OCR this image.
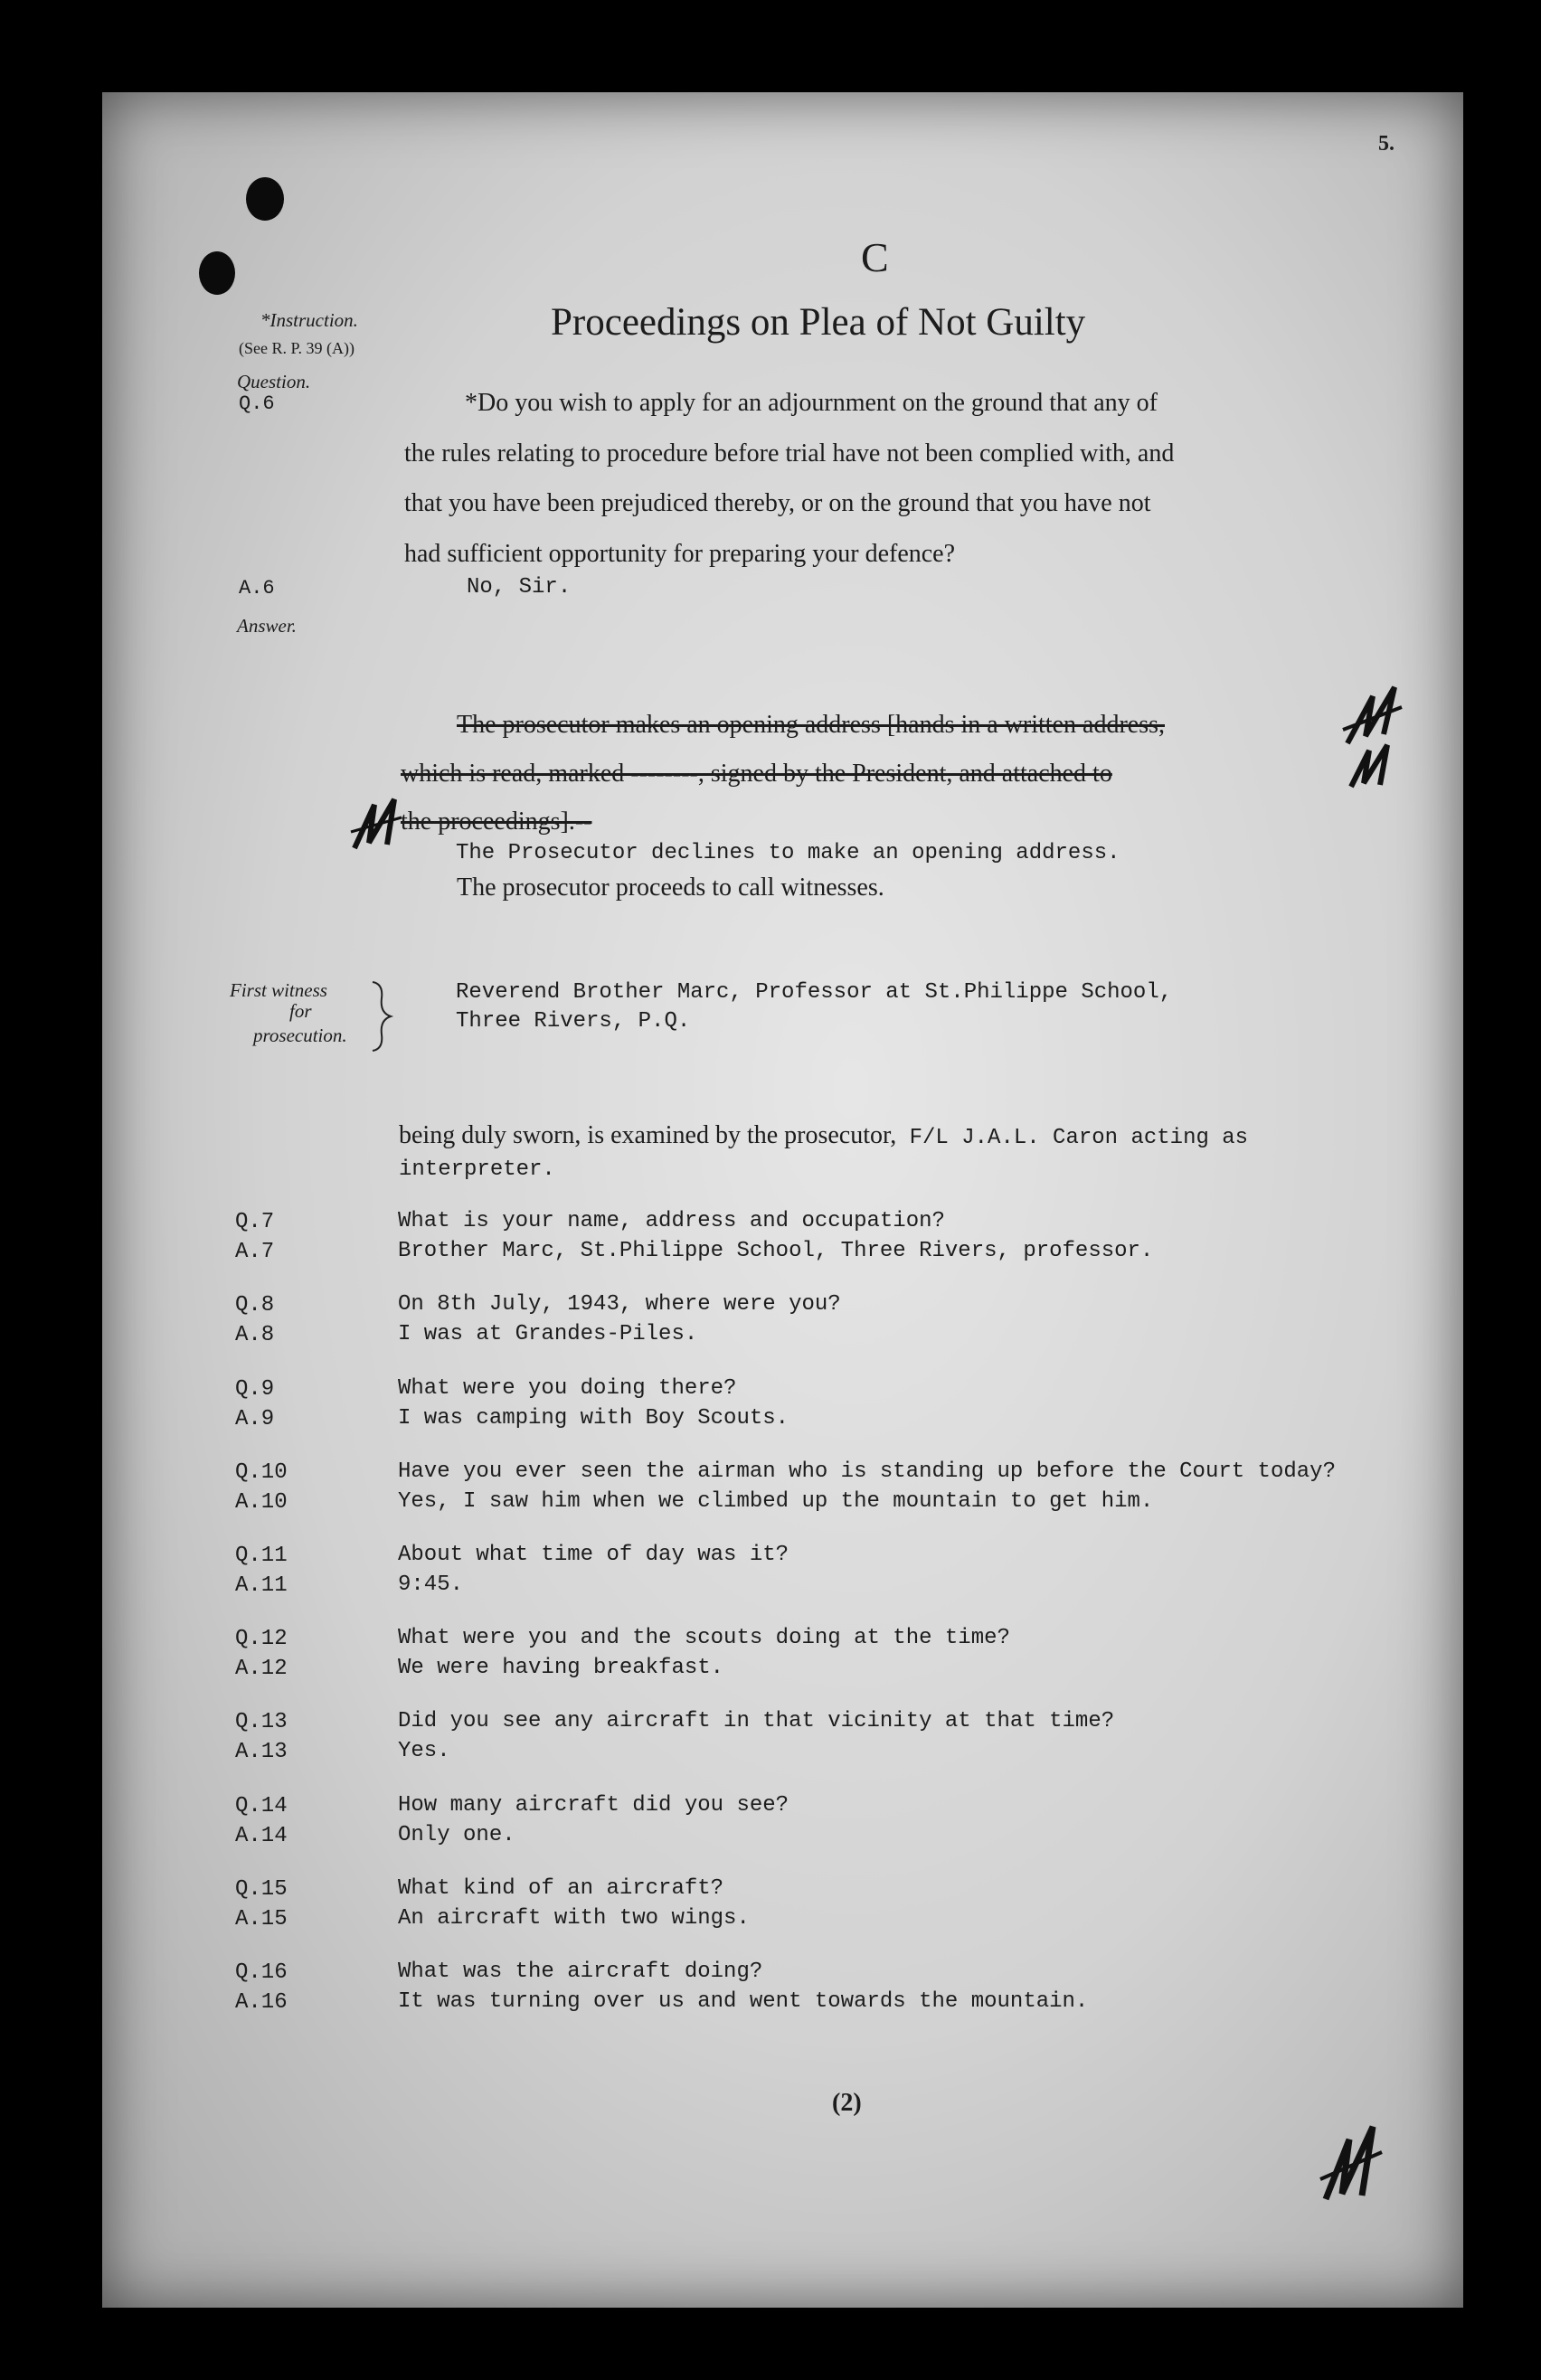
5.
C
Proceedings on Plea of Not Guilty
*Instruction.
(See R. P. 39 (A))
Question.
Q.6	*Do you wish to apply for an adjournment on the ground that any of
the rules relating to procedure before trial have not been complied with, and
that you have been prejudiced thereby, or on the ground that you have not
had sufficient opportunity for preparing your defence?
A.6	No, Sir.
Answer.
The prosecutor makes an opening address [hands in a written address,
which is read, marked --------, signed by the President, and attached to
the proceedings].--
The Prosecutor declines to make an opening address.
The prosecutor proceeds to call witnesses.
First witness
for
prosecution.
Reverend Brother Marc, Professor at St.Philippe School,
Three Rivers, P.Q.
being duly sworn, is examined by the prosecutor, F/L J.A.L. Caron acting as
interpreter.
Q.7	What is your name, address and occupation?
A.7	Brother Marc, St.Philippe School, Three Rivers, professor.
Q.8	On 8th July, 1943, where were you?
A.8	I was at Grandes-Piles.
Q.9	What were you doing there?
A.9	I was camping with Boy Scouts.
Q.10	Have you ever seen the airman who is standing up before the Court today?
A.10	Yes, I saw him when we climbed up the mountain to get him.
Q.11	About what time of day was it?
A.11	9:45.
Q.12	What were you and the scouts doing at the time?
A.12	We were having breakfast.
Q.13	Did you see any aircraft in that vicinity at that time?
A.13	Yes.
Q.14	How many aircraft did you see?
A.14	Only one.
Q.15	What kind of an aircraft?
A.15	An aircraft with two wings.
Q.16	What was the aircraft doing?
A.16	It was turning over us and went towards the mountain.
(2)
